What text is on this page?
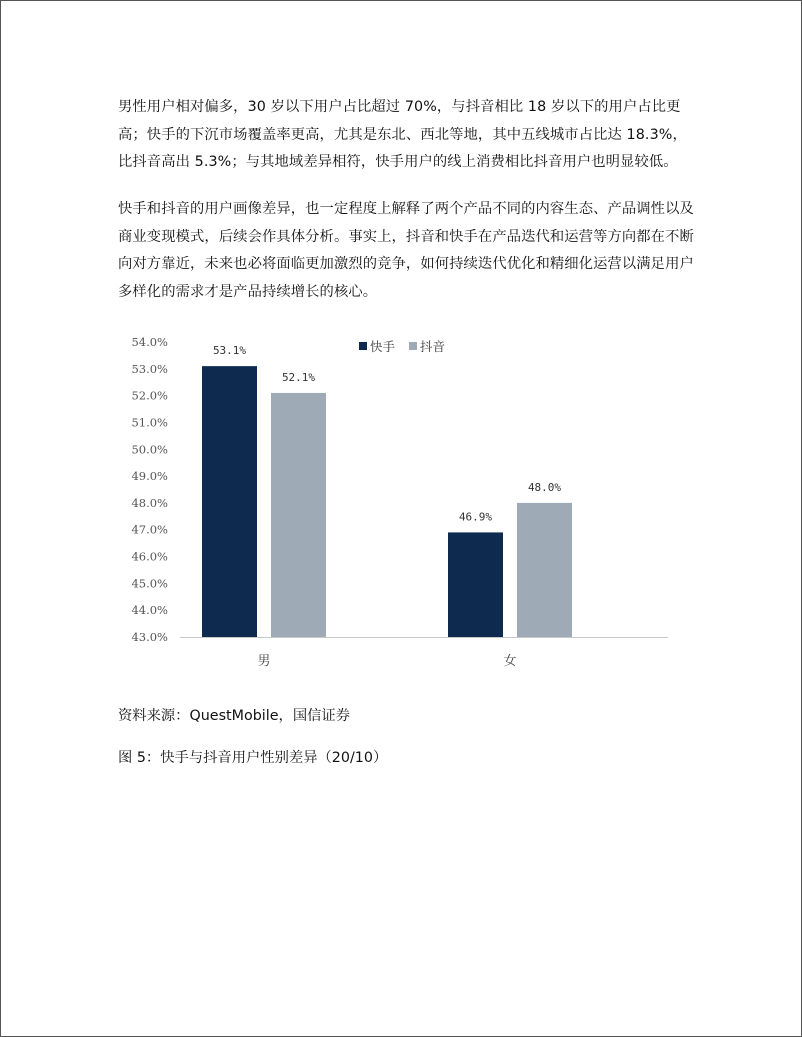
男性用户相对偏多，30 岁以下用户占比超过 70%，与抖音相比 18 岁以下的用户占比更高；快手的下沉市场覆盖率更高，尤其是东北、西北等地，其中五线城市占比达 18.3%，比抖音高出 5.3%；与其地域差异相符，快手用户的线上消费相比抖音用户也明显较低。

快手和抖音的用户画像差异，也一定程度上解释了两个产品不同的内容生态、产品调性以及商业变现模式，后续会作具体分析。事实上，抖音和快手在产品迭代和运营等方向都在不断向对方靠近，未来也必将面临更加激烈的竞争，如何持续迭代优化和精细化运营以满足用户多样化的需求才是产品持续增长的核心。

43.0%
44.0%
45.0%
46.0%
47.0%
48.0%
49.0%
50.0%
51.0%
52.0%
53.0%
54.0%
53.1%
52.1%
男
46.9%
48.0%
女
快手 抖音
资料来源：QuestMobile，国信证券
图 5：快手与抖音用户性别差异（20/10）
